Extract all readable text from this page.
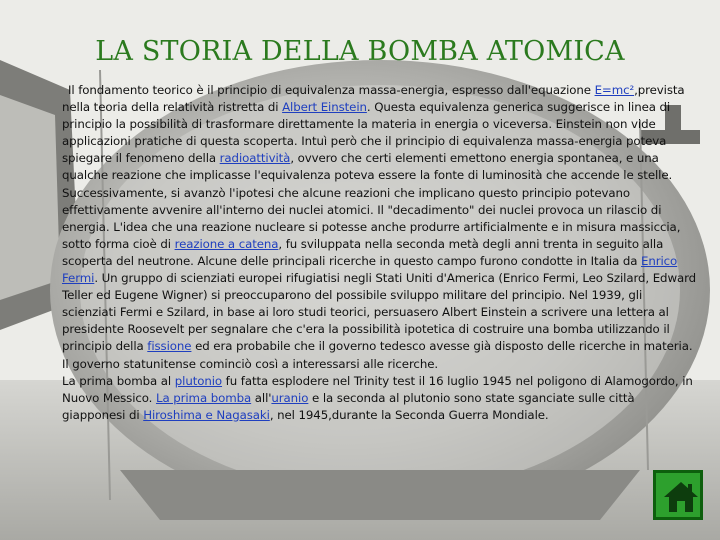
LA STORIA DELLA BOMBA ATOMICA

Il fondamento teorico è il principio di equivalenza massa-energia, espresso dall'equazione E=mc²,prevista nella teoria della relatività ristretta di Albert Einstein. Questa equivalenza generica suggerisce in linea di principio la possibilità di trasformare direttamente la materia in energia o viceversa. Einstein non vide applicazioni pratiche di questa scoperta. Intuì però che il principio di equivalenza massa-energia poteva spiegare il fenomeno della radioattività, ovvero che certi elementi emettono energia spontanea, e una qualche reazione che implicasse l'equivalenza poteva essere la fonte di luminosità che accende le stelle.

Successivamente, si avanzò l'ipotesi che alcune reazioni che implicano questo principio potevano effettivamente avvenire all'interno dei nuclei atomici. Il "decadimento" dei nuclei provoca un rilascio di energia. L'idea che una reazione nucleare si potesse anche produrre artificialmente e in misura massiccia, sotto forma cioè di reazione a catena, fu sviluppata nella seconda metà degli anni trenta in seguito alla scoperta del neutrone. Alcune delle principali ricerche in questo campo furono condotte in Italia da Enrico Fermi. Un gruppo di scienziati europei rifugiatisi negli Stati Uniti d'America (Enrico Fermi, Leo Szilard, Edward Teller ed Eugene Wigner) si preoccuparono del possibile sviluppo militare del principio. Nel 1939, gli scienziati Fermi e Szilard, in base ai loro studi teorici, persuasero Albert Einstein a scrivere una lettera al presidente Roosevelt per segnalare che c'era la possibilità ipotetica di costruire una bomba utilizzando il principio della fissione ed era probabile che il governo tedesco avesse già disposto delle ricerche in materia. Il governo statunitense cominciò così a interessarsi alle ricerche.

La prima bomba al plutonio fu fatta esplodere nel Trinity test il 16 luglio 1945 nel poligono di Alamogordo, in Nuovo Messico. La prima bomba all'uranio e la seconda al plutonio sono state sganciate sulle città giapponesi di Hiroshima e Nagasaki, nel 1945,durante la Seconda Guerra Mondiale.
